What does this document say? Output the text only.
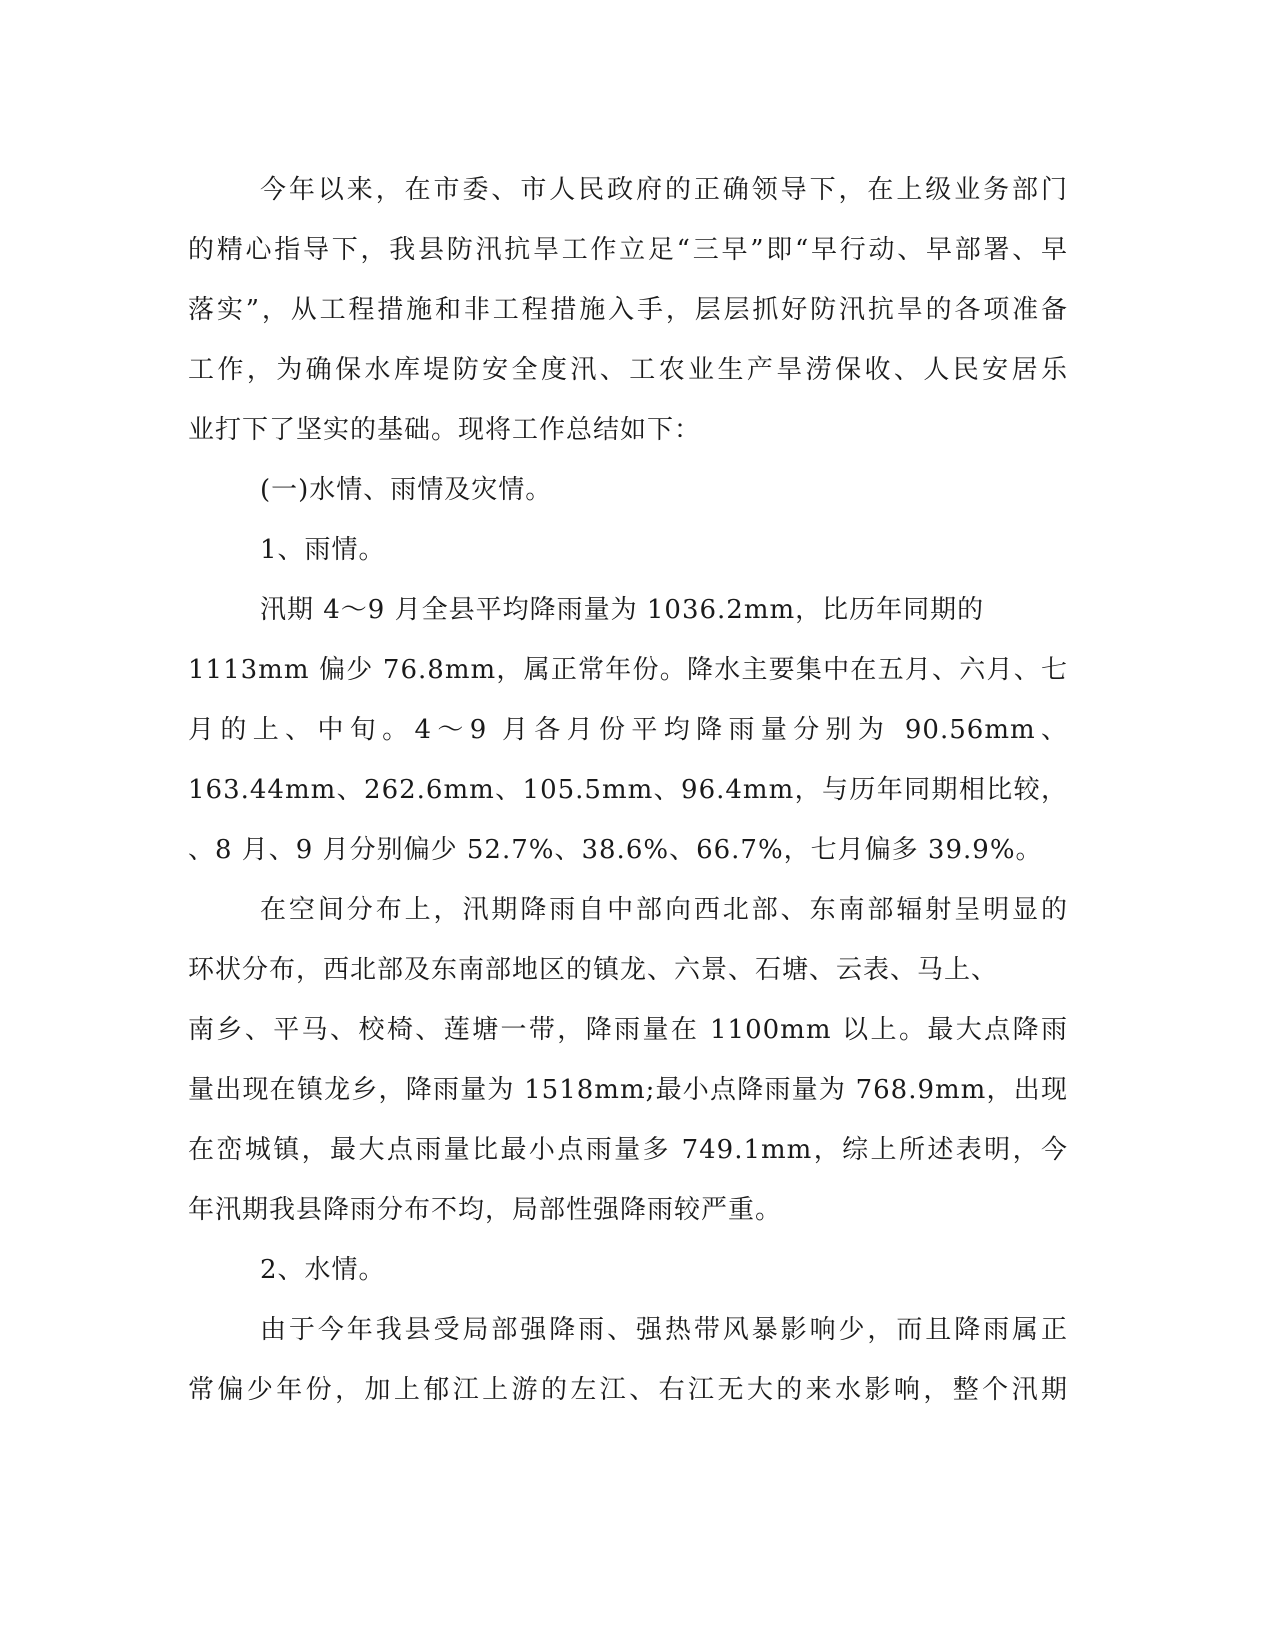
今年以来，在市委、市人民政府的正确领导下，在上级业务部门
的精心指导下，我县防汛抗旱工作立足“三早”即“早行动、早部署、早
落实”，从工程措施和非工程措施入手，层层抓好防汛抗旱的各项准备
工作，为确保水库堤防安全度汛、工农业生产旱涝保收、人民安居乐
业打下了坚实的基础。现将工作总结如下：
(一)水情、雨情及灾情。
1、雨情。
汛期 4～9 月全县平均降雨量为 1036.2mm，比历年同期的
1113mm 偏少 76.8mm，属正常年份。降水主要集中在五月、六月、七
月的上、中旬。4～9 月各月份平均降雨量分别为 90.56mm、
163.44mm、262.6mm、105.5mm、96.4mm，与历年同期相比较，
、8 月、9 月分别偏少 52.7%、38.6%、66.7%，七月偏多 39.9%。
在空间分布上，汛期降雨自中部向西北部、东南部辐射呈明显的
环状分布，西北部及东南部地区的镇龙、六景、石塘、云表、马上、
南乡、平马、校椅、莲塘一带，降雨量在 1100mm 以上。最大点降雨
量出现在镇龙乡，降雨量为 1518mm;最小点降雨量为 768.9mm，出现
在峦城镇，最大点雨量比最小点雨量多 749.1mm，综上所述表明，今
年汛期我县降雨分布不均，局部性强降雨较严重。
2、水情。
由于今年我县受局部强降雨、强热带风暴影响少，而且降雨属正
常偏少年份，加上郁江上游的左江、右江无大的来水影响，整个汛期
